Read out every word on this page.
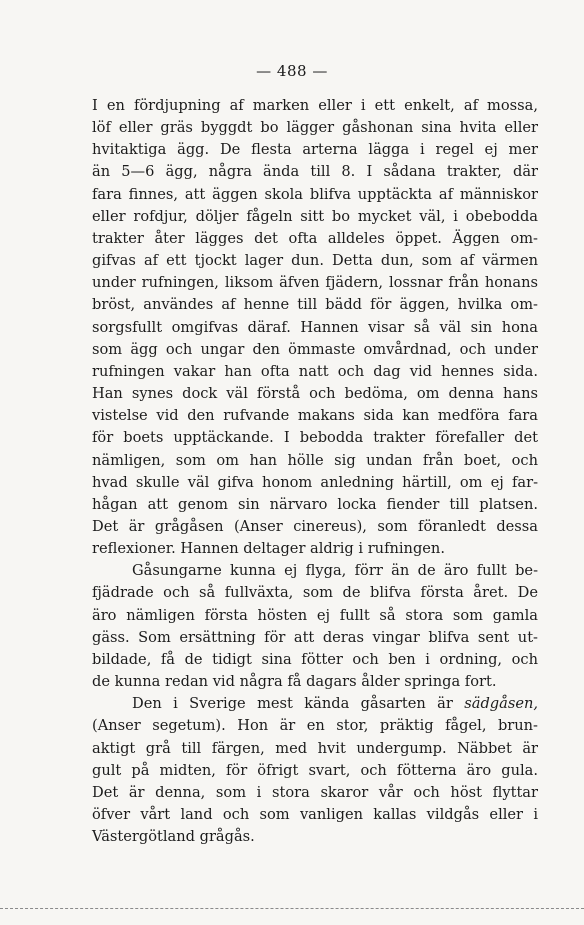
— 488 —
I en fördjupning af marken eller i ett enkelt, af mossa,
löf eller gräs byggdt bo lägger gåshonan sina hvita eller
hvitaktiga ägg. De flesta arterna lägga i regel ej mer
än 5—6 ägg, några ända till 8. I sådana trakter, där
fara finnes, att äggen skola blifva upptäckta af människor
eller rofdjur, döljer fågeln sitt bo mycket väl, i obebodda
trakter åter lägges det ofta alldeles öppet. Äggen om-
gifvas af ett tjockt lager dun. Detta dun, som af värmen
under rufningen, liksom äfven fjädern, lossnar från honans
bröst, användes af henne till bädd för äggen, hvilka om-
sorgsfullt omgifvas däraf. Hannen visar så väl sin hona
som ägg och ungar den ömmaste omvårdnad, och under
rufningen vakar han ofta natt och dag vid hennes sida.
Han synes dock väl förstå och bedöma, om denna hans
vistelse vid den rufvande makans sida kan medföra fara
för boets upptäckande. I bebodda trakter förefaller det
nämligen, som om han hölle sig undan från boet, och
hvad skulle väl gifva honom anledning härtill, om ej far-
hågan att genom sin närvaro locka fiender till platsen.
Det är grågåsen (Anser cinereus), som föranledt dessa
reflexioner. Hannen deltager aldrig i rufningen.
Gåsungarne kunna ej flyga, förr än de äro fullt be-
fjädrade och så fullväxta, som de blifva första året. De
äro nämligen första hösten ej fullt så stora som gamla
gäss. Som ersättning för att deras vingar blifva sent ut-
bildade, få de tidigt sina fötter och ben i ordning, och
de kunna redan vid några få dagars ålder springa fort.
Den i Sverige mest kända gåsarten är sädgåsen,
(Anser segetum). Hon är en stor, präktig fågel, brun-
aktigt grå till färgen, med hvit undergump. Näbbet är
gult på midten, för öfrigt svart, och fötterna äro gula.
Det är denna, som i stora skaror vår och höst flyttar
öfver vårt land och som vanligen kallas vildgås eller i
Västergötland grågås.
